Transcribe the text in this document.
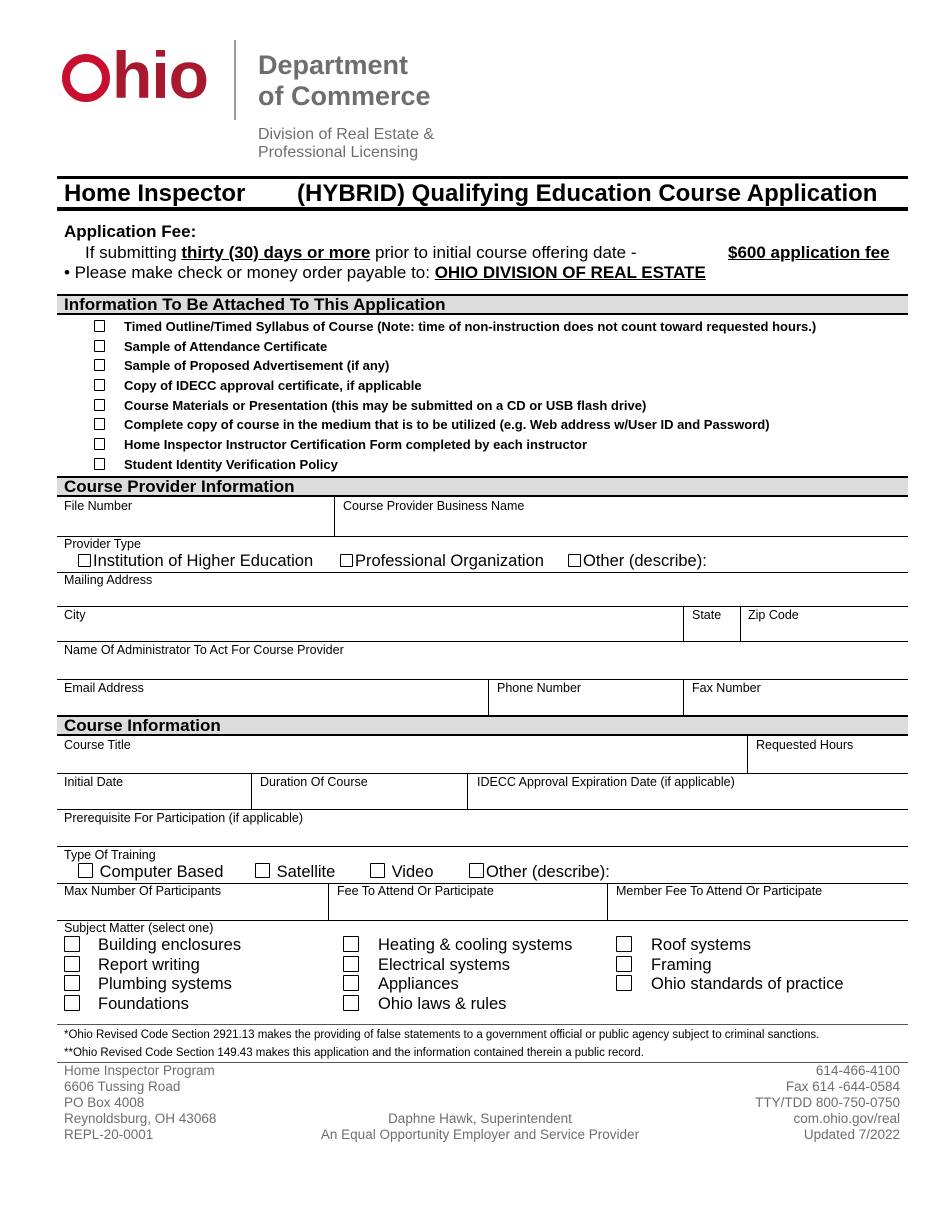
hio Department
of Commerce
Division of Real Estate &
Professional Licensing
Home Inspector (HYBRID) Qualifying Education Course Application
Application Fee:
If submitting thirty (30) days or more prior to initial course offering date -	$600 application fee
• Please make check or money order payable to: OHIO DIVISION OF REAL ESTATE
Information To Be Attached To This Application
Timed Outline/Timed Syllabus of Course (Note: time of non-instruction does not count toward requested hours.)
Sample of Attendance Certificate
Sample of Proposed Advertisement (if any)
Copy of IDECC approval certificate, if applicable
Course Materials or Presentation (this may be submitted on a CD or USB flash drive)
Complete copy of course in the medium that is to be utilized (e.g. Web address w/User ID and Password)
Home Inspector Instructor Certification Form completed by each instructor
Student Identity Verification Policy
Course Provider Information
File Number	Course Provider Business Name
Provider Type
Institution of Higher Education	Professional Organization	Other (describe):
Mailing Address
City	State Zip Code
Name Of Administrator To Act For Course Provider
Email Address	Phone Number	Fax Number
Course Information
Course Title	Requested Hours
Initial Date	Duration Of Course	IDECC Approval Expiration Date (if applicable)
Prerequisite For Participation (if applicable)
Type Of Training
Computer Based	Satellite	Video	Other (describe):
Max Number Of Participants	Fee To Attend Or Participate	Member Fee To Attend Or Participate
Subject Matter (select one)
Building enclosures
Report writing
Plumbing systems
Foundations
Heating & cooling systems
Electrical systems
Appliances
Ohio laws & rules
Roof systems
Framing
Ohio standards of practice
*Ohio Revised Code Section 2921.13 makes the providing of false statements to a government official or public agency subject to criminal sanctions.
**Ohio Revised Code Section 149.43 makes this application and the information contained therein a public record.
Home Inspector Program
6606 Tussing Road
PO Box 4008
Reynoldsburg, OH 43068
REPL-20-0001
Daphne Hawk, Superintendent
An Equal Opportunity Employer and Service Provider
614-466-4100
Fax 614 -644-0584
TTY/TDD 800-750-0750
com.ohio.gov/real
Updated 7/2022
